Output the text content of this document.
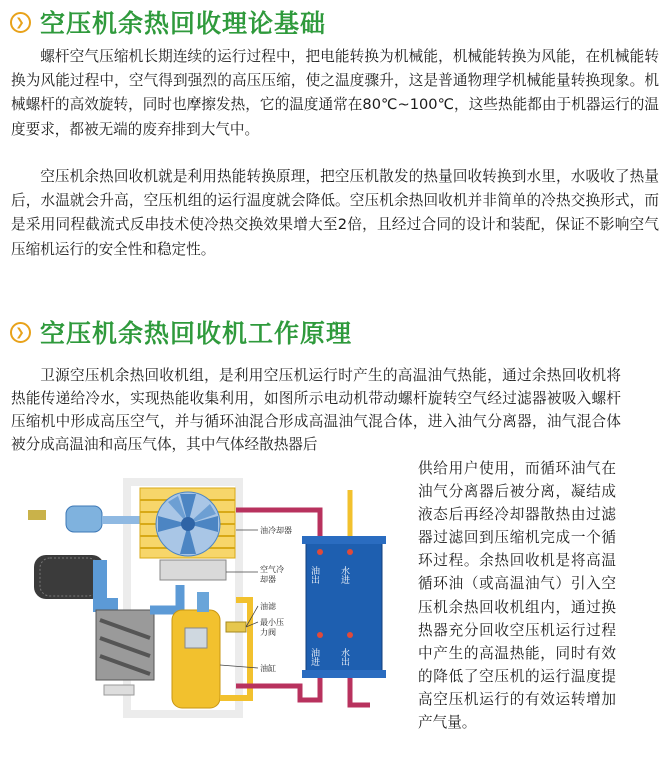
❯ 空压机余热回收理论基础

螺杆空气压缩机长期连续的运行过程中，把电能转换为机械能，机械能转换为风能，在机械能转换为风能过程中，空气得到强烈的高压压缩，使之温度骤升，这是普通物理学机械能量转换现象。机械螺杆的高效旋转，同时也摩擦发热，它的温度通常在80℃~100℃，这些热能都由于机器运行的温度要求，都被无端的废弃排到大气中。

空压机余热回收机就是利用热能转换原理，把空压机散发的热量回收转换到水里，水吸收了热量后，水温就会升高，空压机组的运行温度就会降低。空压机余热回收机并非简单的冷热交换形式，而是采用同程截流式反串技术使冷热交换效果增大至2倍，且经过合同的设计和装配，保证不影响空气压缩机运行的安全性和稳定性。

❯ 空压机余热回收机工作原理

卫源空压机余热回收机组，是利用空压机运行时产生的高温油气热能，通过余热回收机将热能传递给冷水，实现热能收集利用，如图所示电动机带动螺杆旋转空气经过滤器被吸入螺杆压缩机中形成高压空气，并与循环油混合形成高温油气混合体，进入油气分离器，油气混合体被分成高温油和高压气体，其中气体经散热器后

油冷却器
空气冷
却器
油滤
最小压
力阀
油缸
油出 水进
油进 水出

供给用户使用，而循环油气在油气分离器后被分离，凝结成液态后再经冷却器散热由过滤器过滤回到压缩机完成一个循环过程。余热回收机是将高温循环油（或高温油气）引入空压机余热回收机组内，通过换热器充分回收空压机运行过程中产生的高温热能，同时有效的降低了空压机的运行温度提高空压机运行的有效运转增加产气量。
